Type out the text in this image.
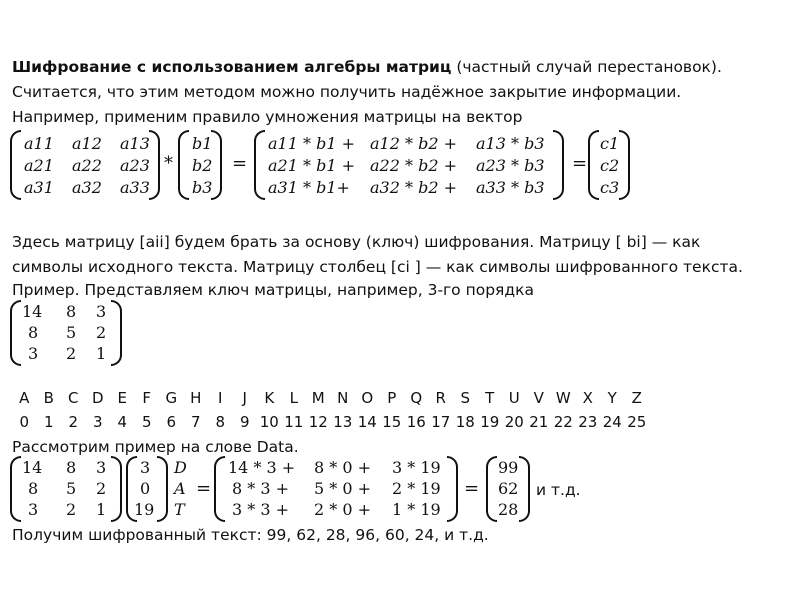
Шифрование с использованием алгебры матриц (частный случай перестановок).
Считается, что этим методом можно получить надёжное закрытие информации.
Например, применим правило умножения матрицы на вектор
a11 a12 a13
a21 a22 a23
a31 a32 a33
*
b1
b2
b3
=
a11 * b1 + a12 * b2 + a13 * b3
a21 * b1 + a22 * b2 + a23 * b3
a31 * b1+ a32 * b2 + a33 * b3
=
c1
c2
c3
Здесь матрицу [aii] будем брать за основу (ключ) шифрования. Матрицу [ bi] — как
символы исходного текста. Матрицу столбец [ci ] — как символы шифрованного текста.
Пример. Представляем ключ матрицы, например, 3-го порядка
14 8 3
8 5 2
3 2 1
A B C D E F G H I J K L M N O P Q R S T U V W X Y Z
0 1 2 3 4 5 6 7 8 9 10 11 12 13 14 15 16 17 18 19 20 21 22 23 24 25
Рассмотрим пример на слове Data.
14 8 3
8 5 2
3 2 1
3
0
19
D
A
T
=
14 * 3 + 8 * 0 + 3 * 19
8 * 3 + 5 * 0 + 2 * 19
3 * 3 + 2 * 0 + 1 * 19
=
99
62
28
и т.д.
Получим шифрованный текст: 99, 62, 28, 96, 60, 24, и т.д.
